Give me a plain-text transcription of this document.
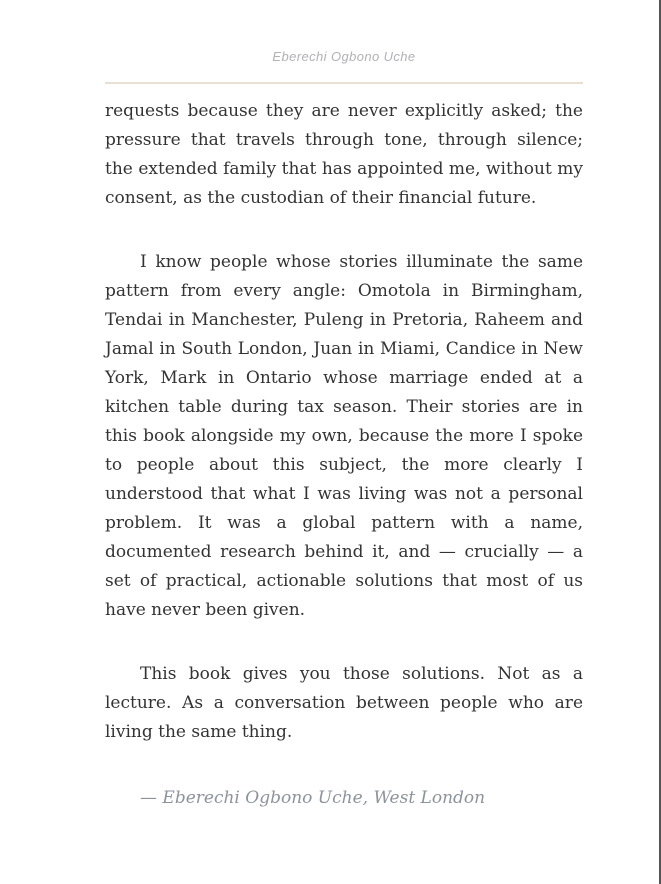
Eberechi Ogbono Uche

requests because they are never explicitly asked; the pressure that travels through tone, through silence; the extended family that has appointed me, without my consent, as the custodian of their financial future.

I know people whose stories illuminate the same pattern from every angle: Omotola in Birmingham, Tendai in Manchester, Puleng in Pretoria, Raheem and Jamal in South London, Juan in Miami, Candice in New York, Mark in Ontario whose marriage ended at a kitchen table during tax season. Their stories are in this book alongside my own, because the more I spoke to people about this subject, the more clearly I understood that what I was living was not a personal problem. It was a global pattern with a name, documented research behind it, and — crucially — a set of practical, actionable solutions that most of us have never been given.

This book gives you those solutions. Not as a lecture. As a conversation between people who are living the same thing.

— Eberechi Ogbono Uche, West London
